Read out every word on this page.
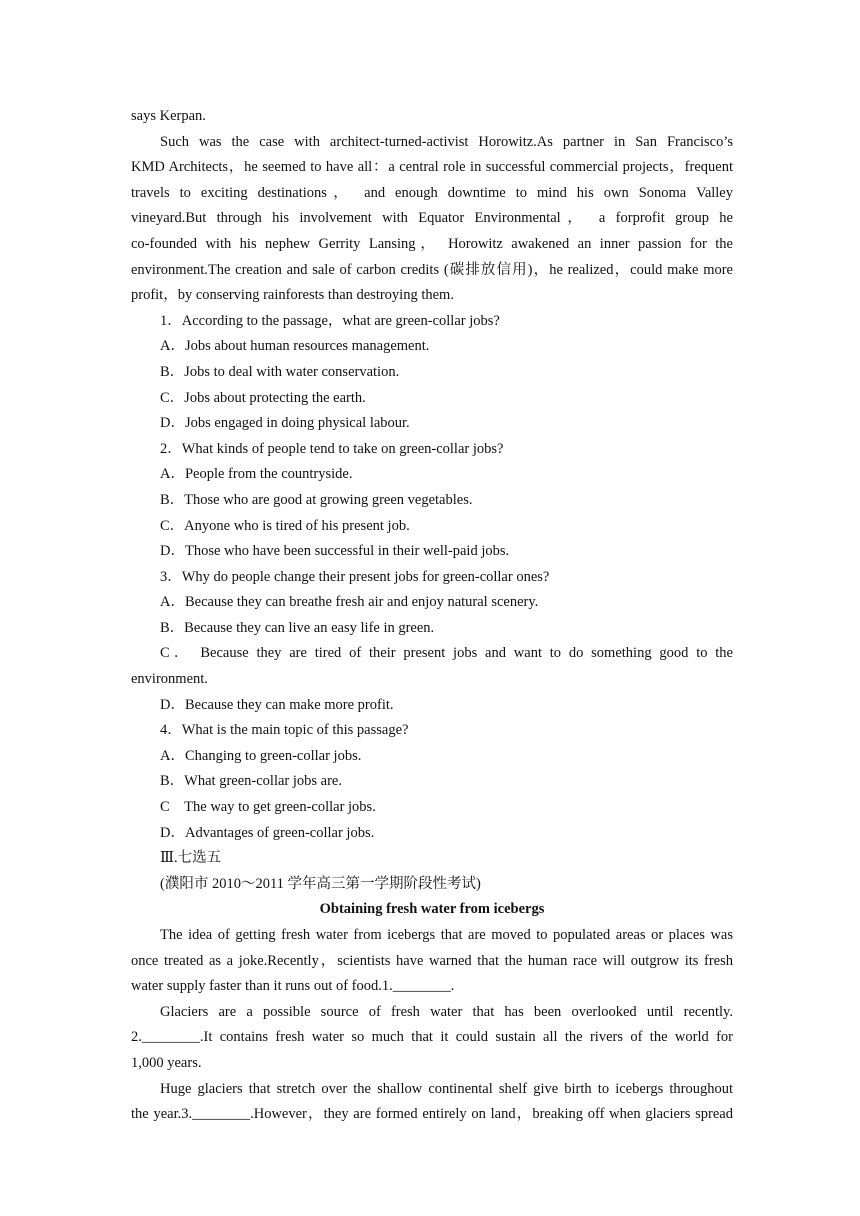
says Kerpan.

Such was the case with architect-turned-activist Horowitz.As partner in San Francisco’s

KMD Architects，he seemed to have all：a central role in successful commercial projects，frequent

travels to exciting destinations， and enough downtime to mind his own Sonoma Valley

vineyard.But through his involvement with Equator Environmental， a forprofit group he

co-founded with his nephew Gerrity Lansing， Horowitz awakened an inner passion for the

environment.The creation and sale of carbon credits (碳排放信用)，he realized，could make more

profit，by conserving rainforests than destroying them.

1．According to the passage，what are green-collar jobs?

A．Jobs about human resources management.

B．Jobs to deal with water conservation.

C．Jobs about protecting the earth.

D．Jobs engaged in doing physical labour.

2．What kinds of people tend to take on green-collar jobs?

A．People from the countryside.

B．Those who are good at growing green vegetables.

C．Anyone who is tired of his present job.

D．Those who have been successful in their well-paid jobs.

3．Why do people change their present jobs for green-collar ones?

A．Because they can breathe fresh air and enjoy natural scenery.

B．Because they can live an easy life in green.

C． Because they are tired of their present jobs and want to do something good to the

environment.

D．Because they can make more profit.

4．What is the main topic of this passage?

A．Changing to green-collar jobs.

B．What green-collar jobs are.

C　The way to get green-collar jobs.

D．Advantages of green-collar jobs.

Ⅲ.七选五

(濮阳市 2010～2011 学年高三第一学期阶段性考试)

Obtaining fresh water from icebergs

The idea of getting fresh water from icebergs that are moved to populated areas or places was

once treated as a joke.Recently，scientists have warned that the human race will outgrow its fresh

water supply faster than it runs out of food.1.________.

Glaciers are a possible source of fresh water that has been overlooked until recently.

2.________.It contains fresh water so much that it could sustain all the rivers of the world for

1,000 years.

Huge glaciers that stretch over the shallow continental shelf give birth to icebergs throughout

the year.3.________.However，they are formed entirely on land，breaking off when glaciers spread
